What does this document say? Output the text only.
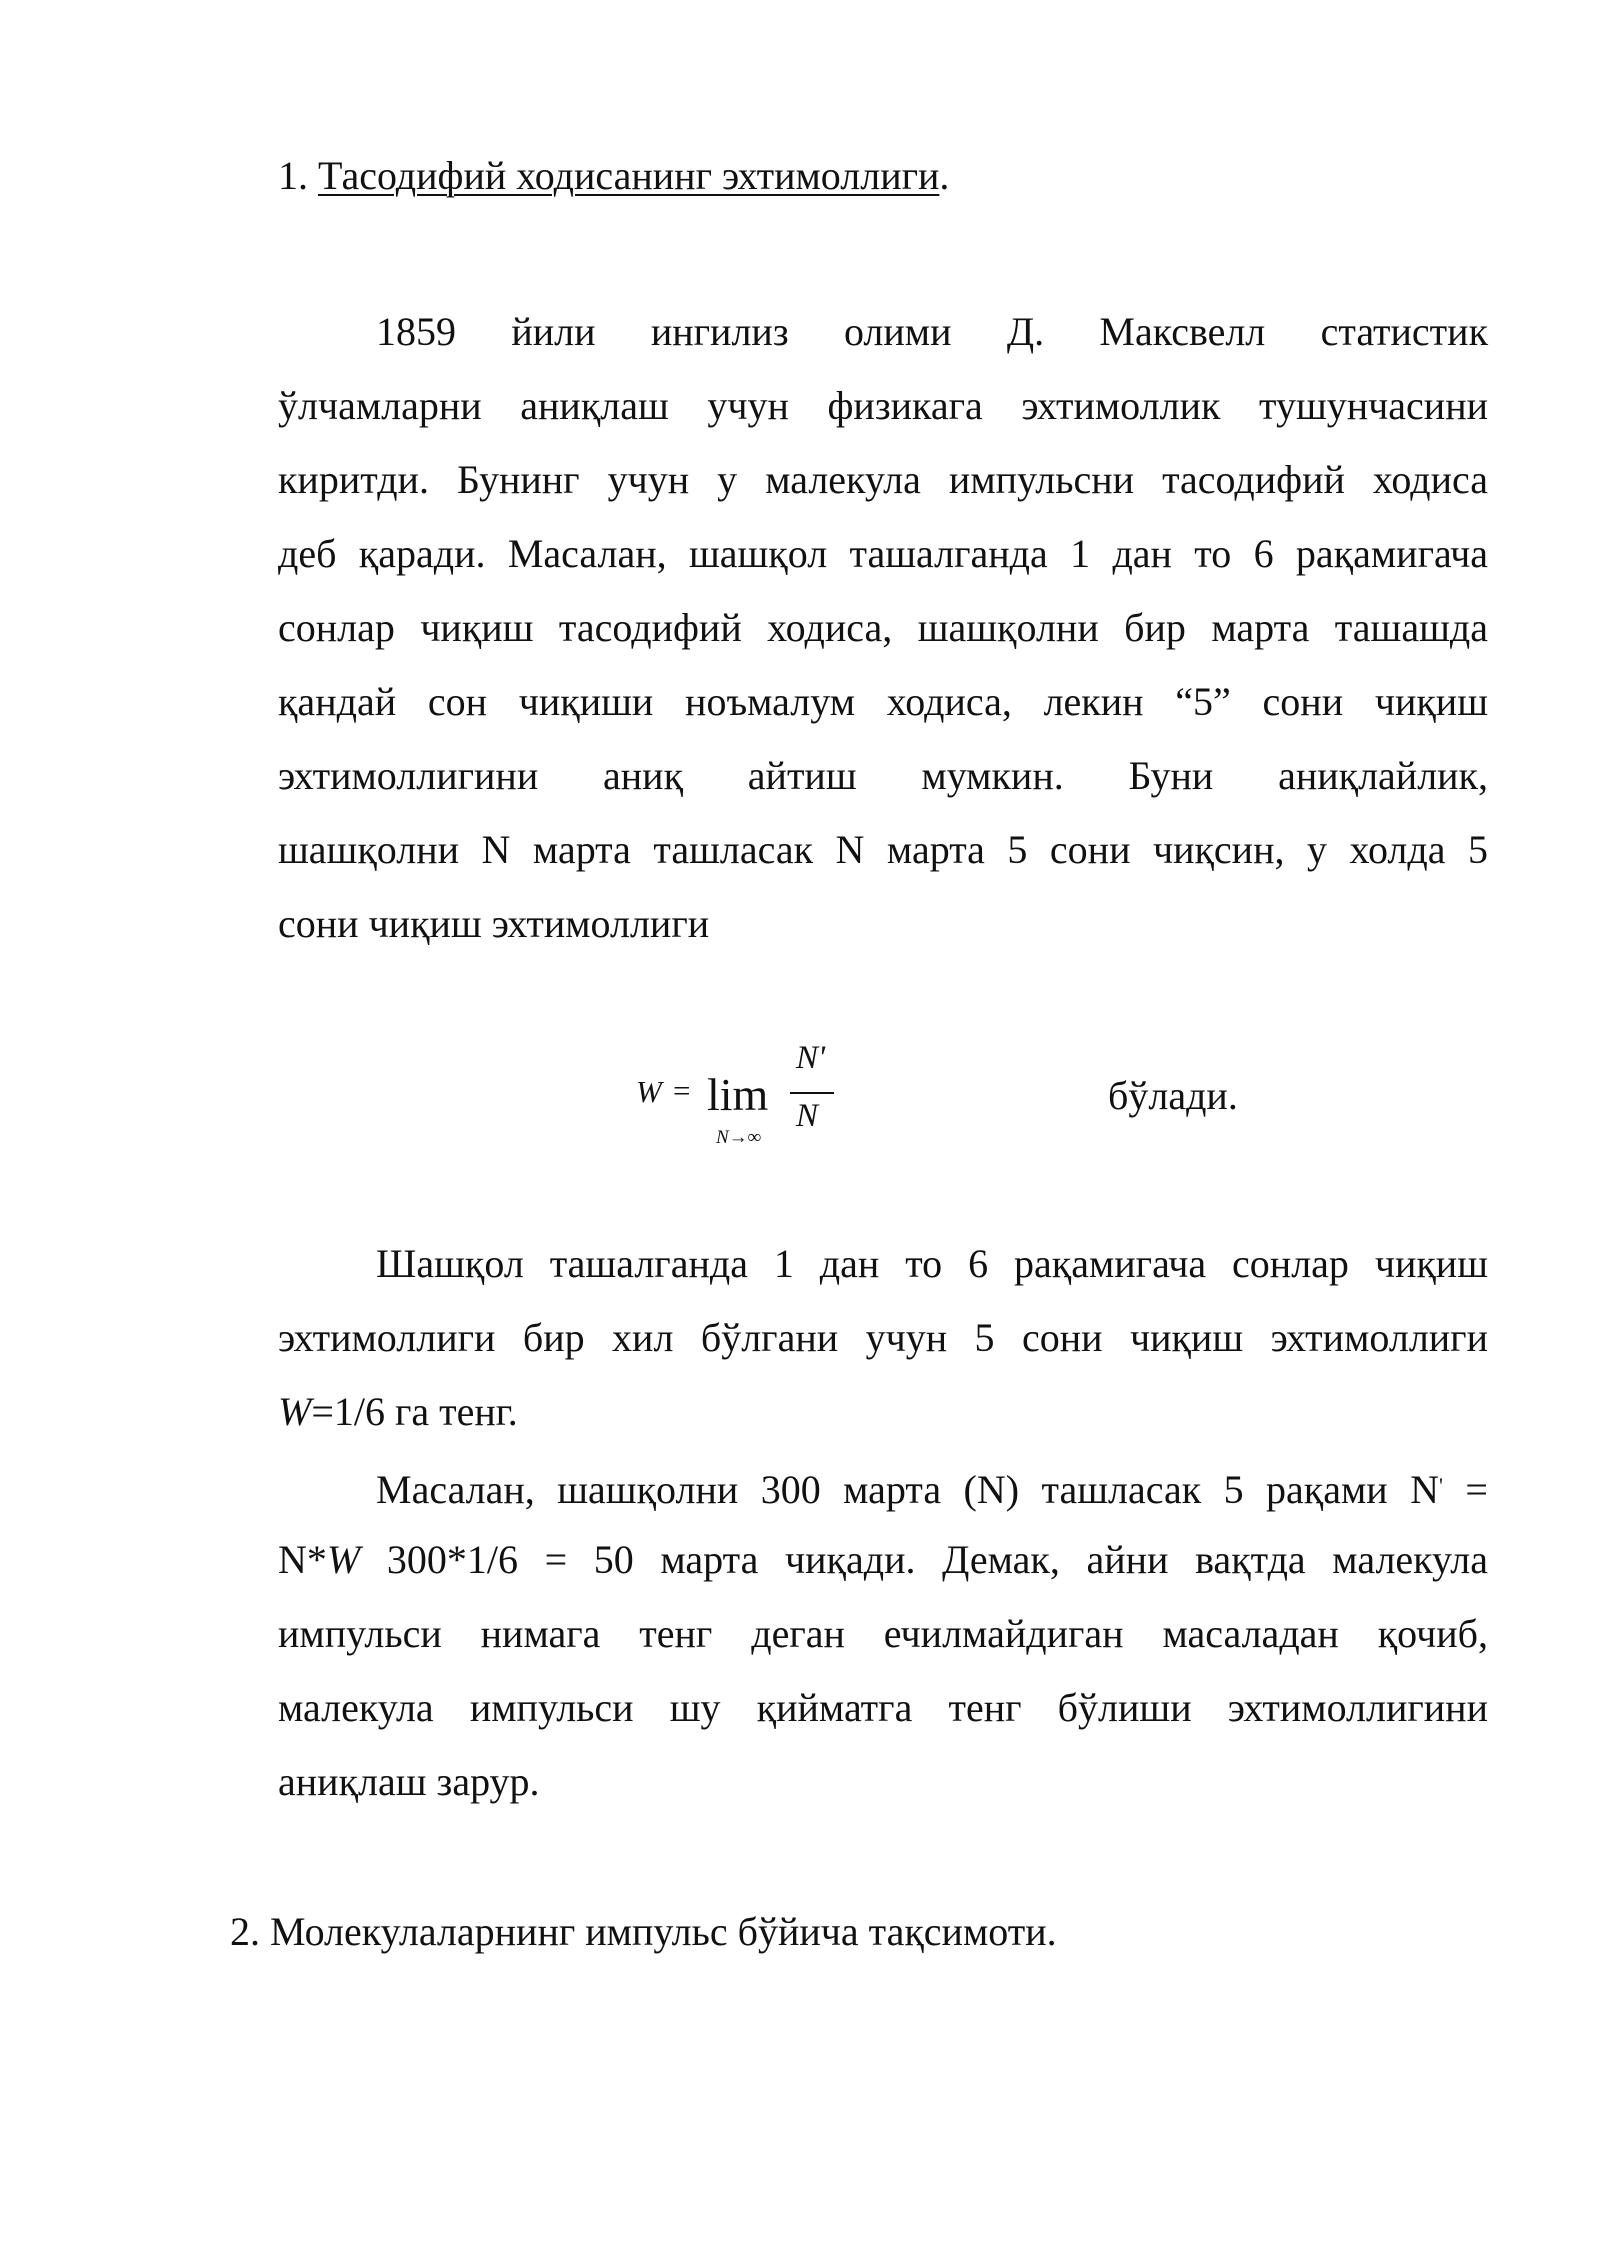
1. Тасодифий ходисанинг эхтимоллиги.
1859 йили ингилиз олими Д. Максвелл статистик
ўлчамларни аниқлаш учун физикага эхтимоллик тушунчасини
киритди. Бунинг учун у малекула импульсни тасодифий ходиса
деб қаради. Масалан, шашқол ташалганда 1 дан то 6 рақамигача
сонлар чиқиш тасодифий ходиса, шашқолни бир марта ташашда
қандай сон чиқиши ноъмалум ходиса, лекин “5” сони чиқиш
эхтимоллигини аниқ айтиш мумкин. Буни аниқлайлик,
шашқолни N марта ташласак N марта 5 сони чиқсин, у холда 5
сони чиқиш эхтимоллиги
W = lim
N→∞
N'
N	бўлади.
Шашқол ташалганда 1 дан то 6 рақамигача сонлар чиқиш
эхтимоллиги бир хил бўлгани учун 5 сони чиқиш эхтимоллиги
W=1/6 га тенг.
Масалан, шашқолни 300 марта (N) ташласак 5 рақами N' =
N*W 300*1/6 = 50 марта чиқади. Демак, айни вақтда малекула
импульси нимага тенг деган ечилмайдиган масаладан қочиб,
малекула импульси шу қийматга тенг бўлиши эхтимоллигини
аниқлаш зарур.
2. Молекулаларнинг импульс бўйича тақсимоти.
